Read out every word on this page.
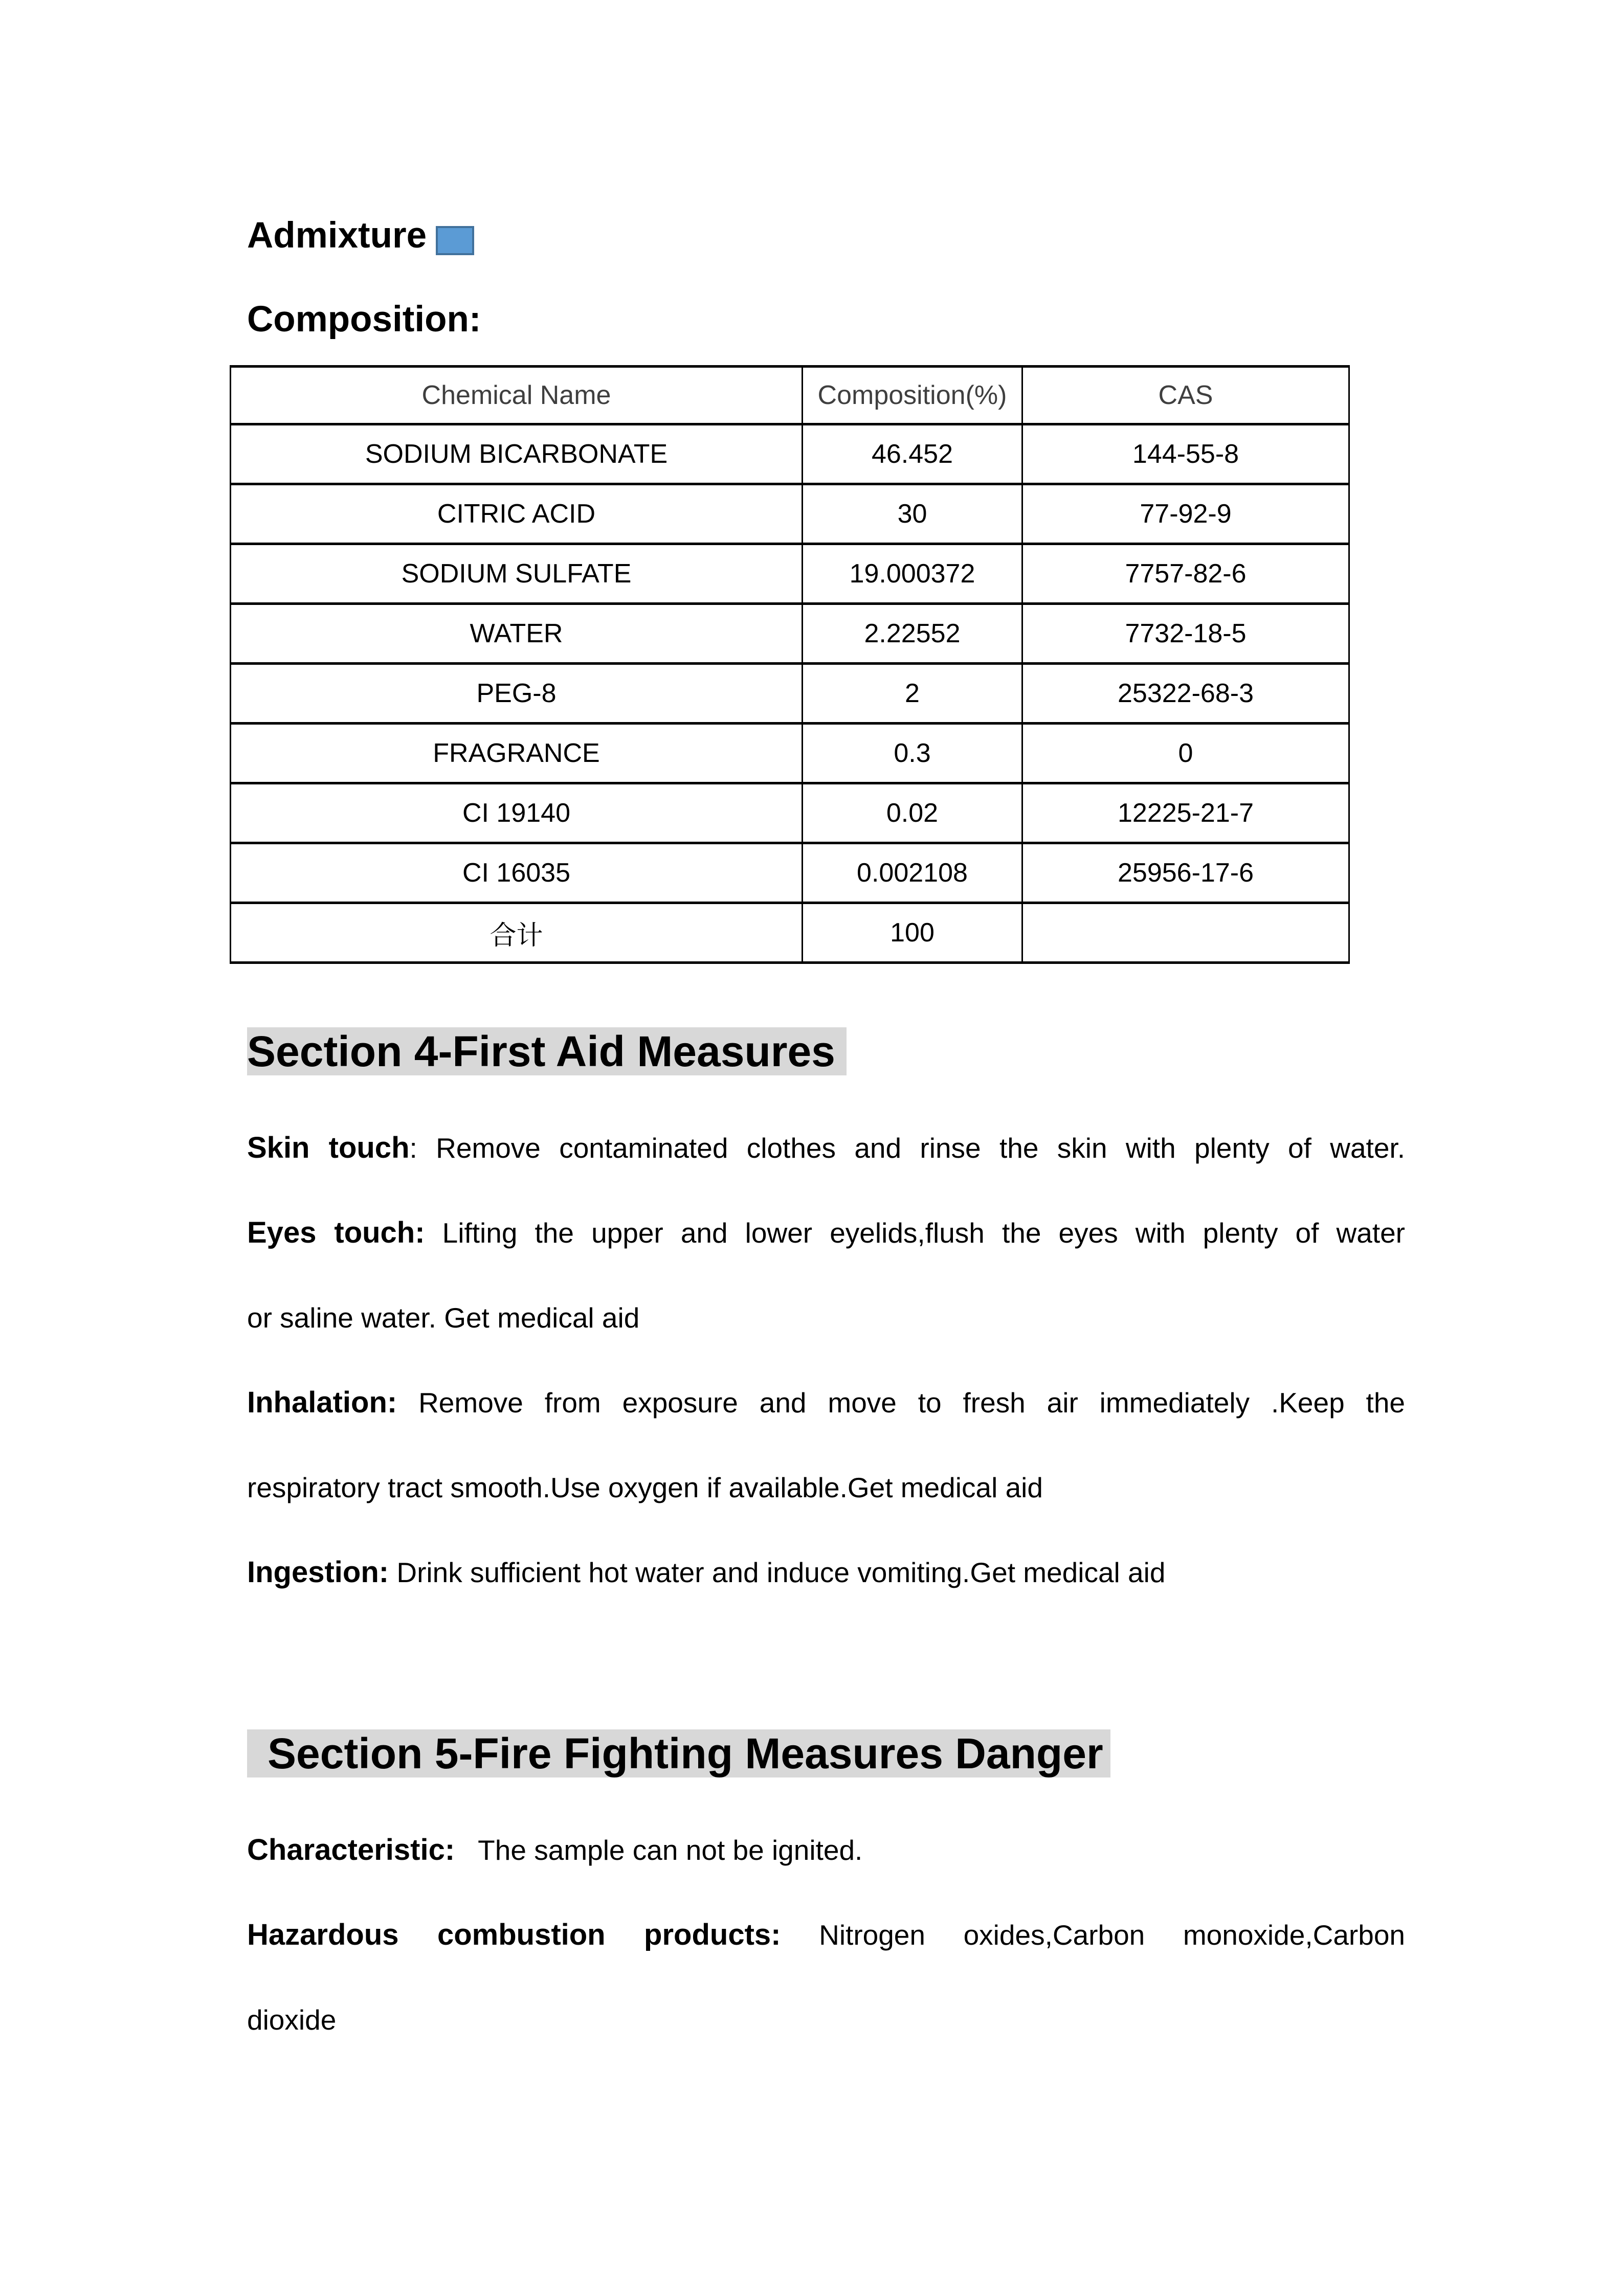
Admixture
Composition:
Chemical Name	Composition(%)	CAS
SODIUM BICARBONATE	46.452	144-55-8
CITRIC ACID	30	77-92-9
SODIUM SULFATE	19.000372	7757-82-6
WATER	2.22552	7732-18-5
PEG-8	2	25322-68-3
FRAGRANCE	0.3	0
CI 19140	0.02	12225-21-7
CI 16035	0.002108	25956-17-6
合计	100	
Section 4-First Aid Measures
Skin touch: Remove contaminated clothes and rinse the skin with plenty of water.
Eyes touch: Lifting the upper and lower eyelids,flush the eyes with plenty of water
or saline water. Get medical aid
Inhalation: Remove from exposure and move to fresh air immediately .Keep the
respiratory tract smooth.Use oxygen if available.Get medical aid
Ingestion: Drink sufficient hot water and induce vomiting.Get medical aid
Section 5-Fire Fighting Measures Danger
Characteristic: The sample can not be ignited.
Hazardous combustion products: Nitrogen oxides,Carbon monoxide,Carbon
dioxide
